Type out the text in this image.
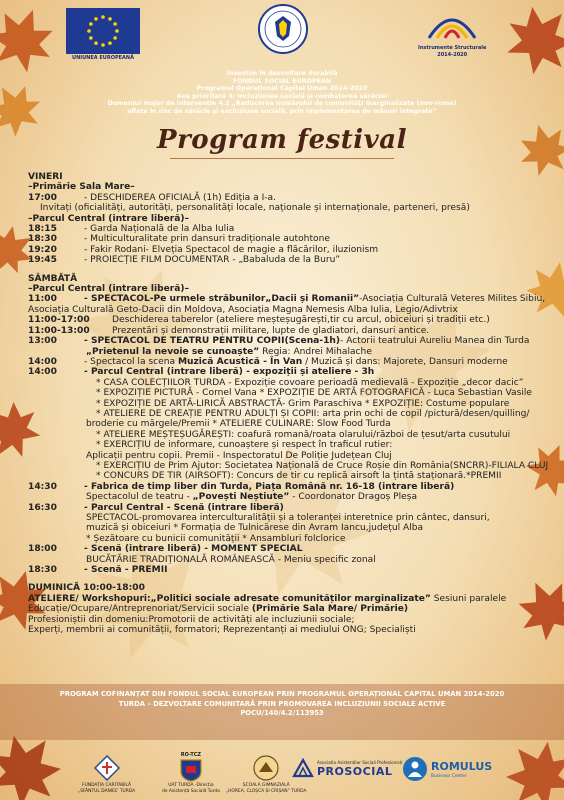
UNIUNEA EUROPEANĂ
Instrumente Structurale
2014-2020
Investim în dezvoltare durabilă
FONDUL SOCIAL EUROPEAN
Programul Operațional Capital Uman 2014-2020
Axa prioritară 4: Incluziunea socială și combaterea sărăciei
Domeniul major de intervenție 4.2 „Reducerea numărului de comunități marginalizate (non-rome)
aflate în risc de sărăcie și excluziune socială, prin implementarea de măsuri integrate”
Program festival
VINERI
–Primărie Sala Mare–
17:00	- DESCHIDEREA OFICIALĂ (1h) Ediția a I-a.
Invitați (oficialități, autorități, personalități locale, naționale și internaționale, parteneri, presă)
–Parcul Central (intrare liberă)–
18:15	- Garda Națională de la Alba Iulia
18:30	- Multiculturalitate prin dansuri tradiționale autohtone
19:20	- Fakir Rodani- Elveția Spectacol de magie a flăcărilor, iluzionism
19:45	- PROIECȚIE FILM DOCUMENTAR - „Babaluda de la Buru”
SÂMBĂTĂ
–Parcul Central (intrare liberă)–
11:00	- SPECTACOL-Pe urmele străbunilor„Dacii și Romanii”-Asociația Culturală Veteres Milites Sibiu,
Asociația Culturală Geto-Dacii din Moldova, Asociația Magna Nemesis Alba Iulia, Legio/Adivtrix
11:00-17:00 Deschiderea taberelor (ateliere meșteșugărești,tir cu arcul, obiceiuri și tradiții etc.)
11:00-13:00 Prezentări și demonstrații militare, lupte de gladiatori, dansuri antice.
13:00	- SPECTACOL DE TEATRU PENTRU COPII(Scena-1h)- Actorii teatrului Aureliu Manea din Turda
„Prietenul la nevoie se cunoaște” Regia: Andrei Mihalache
14:00	- Spectacol la scena Muzică Acustică - În Van / Muzică și dans: Majorete, Dansuri moderne
14:00	- Parcul Central (intrare liberă) - expoziții și ateliere - 3h
* CASA COLECȚIILOR TURDA - Expoziție covoare perioadă medievală - Expoziție „decor dacic”
* EXPOZIȚIE PICTURĂ - Cornel Vana * EXPOZIȚIE DE ARTĂ FOTOGRAFICĂ - Luca Sebastian Vasile
* EXPOZIȚIE DE ARTĂ-LIRICĂ ABSTRACTĂ- Grim Paraschiva * EXPOZIȚIE: Costume populare
* ATELIERE DE CREAȚIE PENTRU ADULȚI ȘI COPII: arta prin ochi de copil /pictură/desen/quilling/
broderie cu mărgele/Premii * ATELIERE CULINARE: Slow Food Turda
* ATELIERE MEȘTEȘUGĂREȘTI: coafură romană/roata olarului/război de țesut/arta cusutului
* EXERCIȚIU de informare, cunoaștere și respect în traficul rutier:
Aplicații pentru copii. Premii - Inspectoratul De Poliție Județean Cluj
* EXERCIȚIU de Prim Ajutor: Societatea Națională de Cruce Roșie din România(SNCRR)-FILIALA CLUJ
* CONCURS DE TIR (AIRSOFT): Concurs de tir cu replică airsoft la țintă staționară.*PREMII
14:30	- Fabrica de timp liber din Turda, Piața Română nr. 16-18 (intrare liberă)
Spectacolul de teatru - „Povești Neștiute” - Coordonator Dragoș Pleșa
16:30	- Parcul Central - Scenă (intrare liberă)
SPECTACOL-promovarea interculturalității și a toleranței interetnice prin cântec, dansuri,
muzică și obiceiuri * Formația de Tulnicărese din Avram Iancu,județul Alba
* Șezătoare cu bunicii comunității * Ansambluri folclorice
18:00	- Scenă (intrare liberă) - MOMENT SPECIAL
BUCĂTĂRIE TRADIȚIONALĂ ROMÂNEASCĂ - Meniu specific zonal
18:30	- Scenă - PREMII
DUMINICĂ 10:00-18:00
ATELIERE/ Workshopuri:„Politici sociale adresate comunităților marginalizate” Sesiuni paralele
Educație/Ocupare/Antreprenoriat/Servicii sociale (Primărie Sala Mare/ Primărie)
Profesioniștii din domeniu:Promotorii de activități ale incluziunii sociale;
Experți, membrii ai comunității, formatori; Reprezentanți ai mediului ONG; Specialiști
PROGRAM COFINANȚAT DIN FONDUL SOCIAL EUROPEAN PRIN PROGRAMUL OPERAȚIONAL CAPITAL UMAN 2014-2020
TURDA – DEZVOLTARE COMUNITARĂ PRIN PROMOVAREA INCLUZIUNII SOCIALE ACTIVE
POCU/140/4.2/113953
FUNDAȚIA CARITABILĂ
„SFÂNTUL DANIEL” TURDA
RO-TCZ
UAT TURDA -Direcția
de Asistență Socială Turda
ȘCOALA GIMNAZIALĂ
„HOREA, CLOȘCA ȘI CRIȘAN” TURDA
Asociatia Asistentilor Sociali Profesionisti
PROSOCIAL	ROMULUS
Business Center
